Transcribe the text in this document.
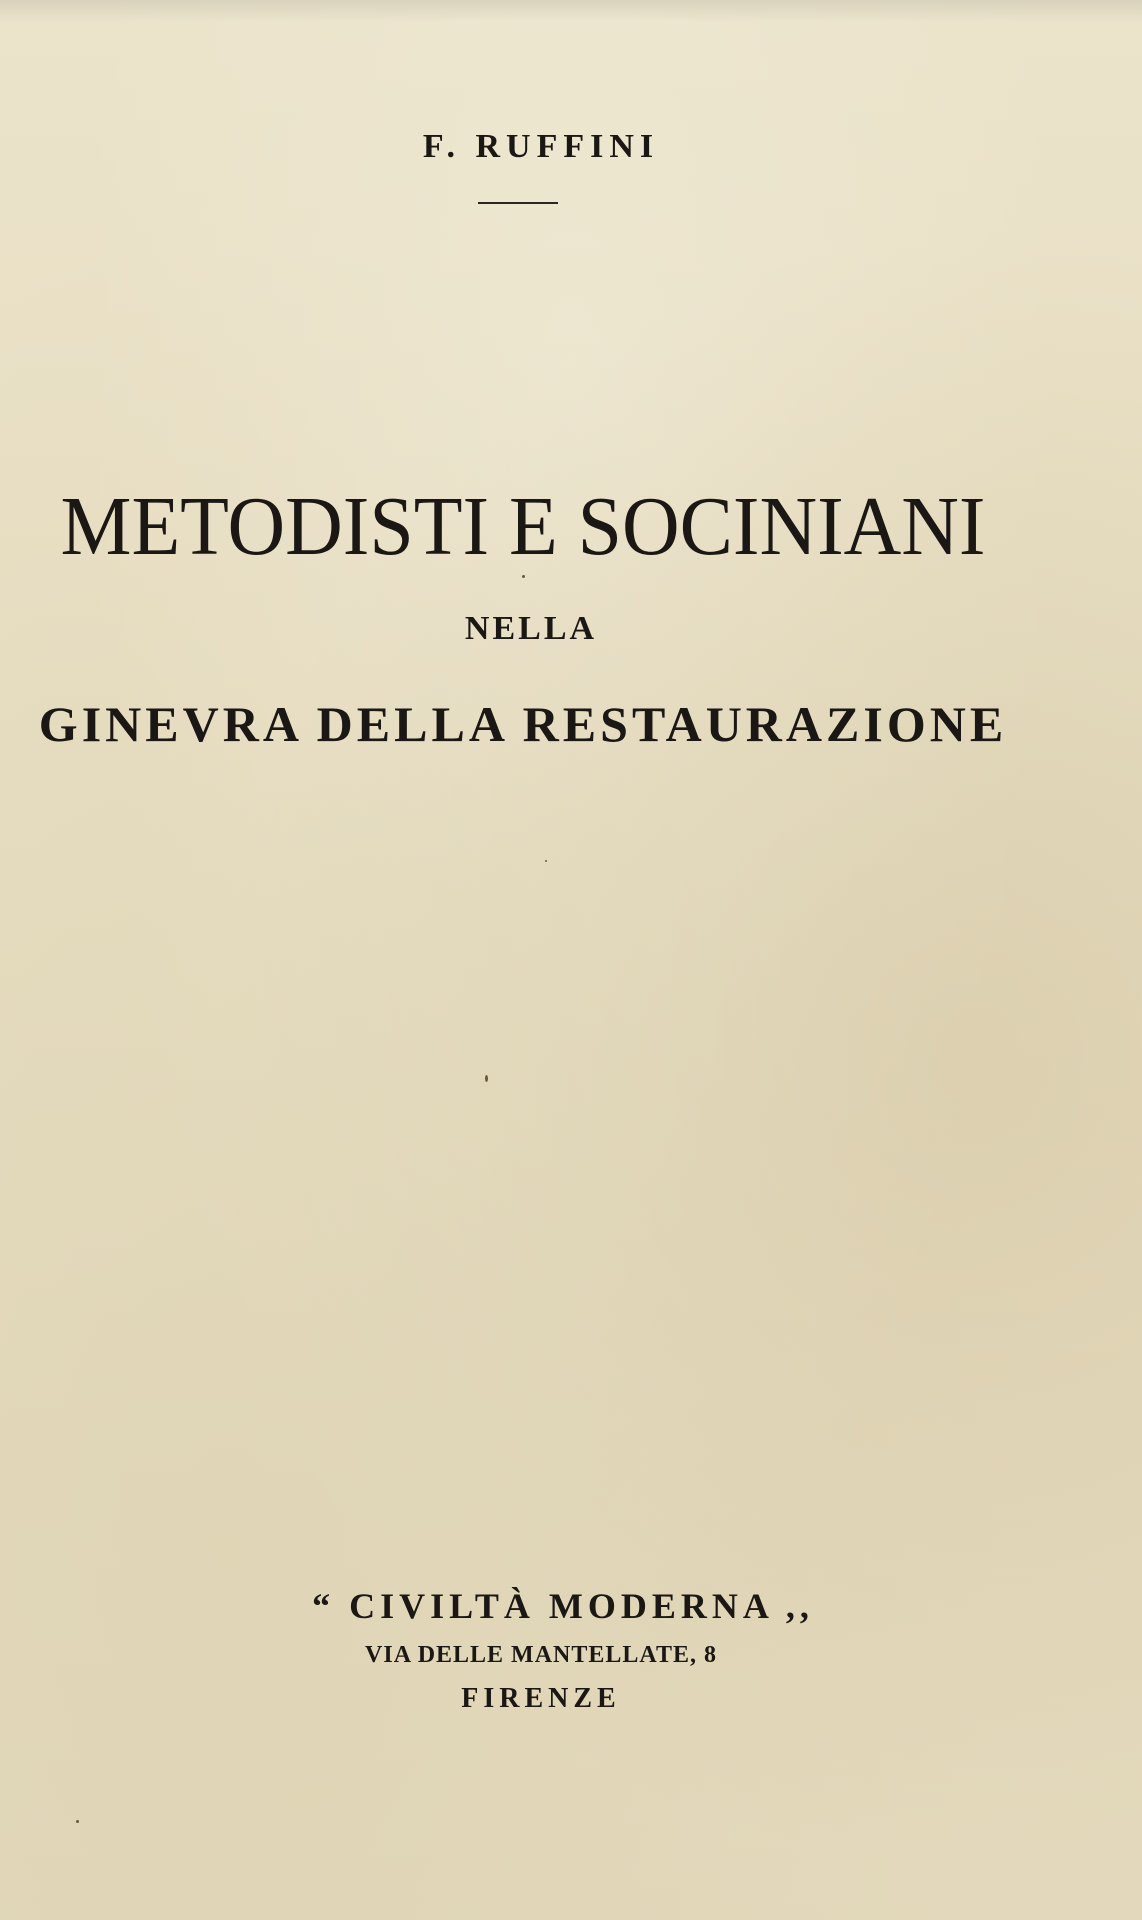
F. RUFFINI
METODISTI E SOCINIANI
NELLA
GINEVRA DELLA RESTAURAZIONE
“ CIVILTÀ MODERNA ,,
VIA DELLE MANTELLATE, 8
FIRENZE
